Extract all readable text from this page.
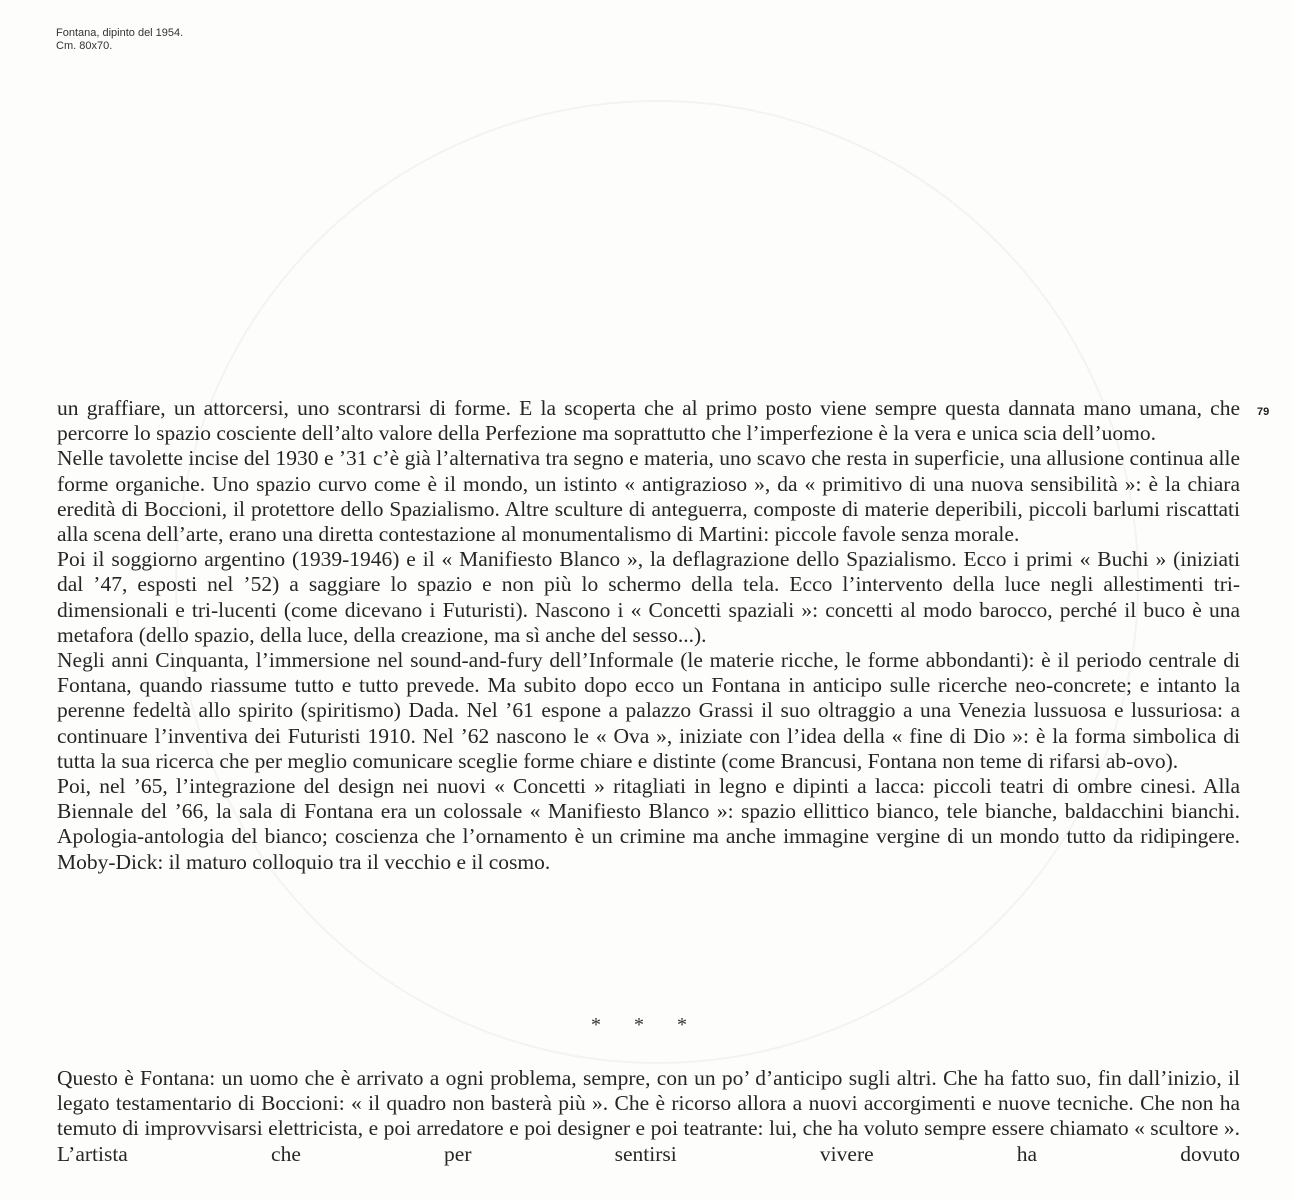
Fontana, dipinto del 1954.
Cm. 80x70.
79

un graffiare, un attorcersi, uno scontrarsi di forme. E la scoperta che al primo posto viene sempre questa dannata mano umana, che percorre lo spazio cosciente dell’alto valore della Perfezione ma soprattutto che l’imperfezione è la vera e unica scia dell’uomo.

Nelle tavolette incise del 1930 e ’31 c’è già l’alternativa tra segno e materia, uno scavo che resta in superficie, una allusione continua alle forme organiche. Uno spazio curvo come è il mondo, un istinto « antigrazioso », da « primitivo di una nuova sensibilità »: è la chiara eredità di Boccioni, il protettore dello Spazialismo. Altre sculture di anteguerra, composte di materie deperibili, piccoli barlumi riscattati alla scena dell’arte, erano una diretta contestazione al monumentalismo di Martini: piccole favole senza morale.

Poi il soggiorno argentino (1939-1946) e il « Manifiesto Blanco », la deflagrazione dello Spazialismo. Ecco i primi « Buchi » (iniziati dal ’47, esposti nel ’52) a saggiare lo spazio e non più lo schermo della tela. Ecco l’intervento della luce negli allestimenti tri-dimensionali e tri-lucenti (come dicevano i Futuristi). Nascono i « Concetti spaziali »: concetti al modo barocco, perché il buco è una metafora (dello spazio, della luce, della creazione, ma sì anche del sesso...).

Negli anni Cinquanta, l’immersione nel sound-and-fury dell’Informale (le materie ricche, le forme abbondanti): è il periodo centrale di Fontana, quando riassume tutto e tutto prevede. Ma subito dopo ecco un Fontana in anticipo sulle ricerche neo-concrete; e intanto la perenne fedeltà allo spirito (spiritismo) Dada. Nel ’61 espone a palazzo Grassi il suo oltraggio a una Venezia lussuosa e lussuriosa: a continuare l’inventiva dei Futuristi 1910. Nel ’62 nascono le « Ova », iniziate con l’idea della « fine di Dio »: è la forma simbolica di tutta la sua ricerca che per meglio comunicare sceglie forme chiare e distinte (come Brancusi, Fontana non teme di rifarsi ab-ovo).

Poi, nel ’65, l’integrazione del design nei nuovi « Concetti » ritagliati in legno e dipinti a lacca: piccoli teatri di ombre cinesi. Alla Biennale del ’66, la sala di Fontana era un colossale « Manifiesto Blanco »: spazio ellittico bianco, tele bianche, baldacchini bianchi. Apologia-antologia del bianco; coscienza che l’ornamento è un crimine ma anche immagine vergine di un mondo tutto da ridipingere. Moby-Dick: il maturo colloquio tra il vecchio e il cosmo.

* * *

Questo è Fontana: un uomo che è arrivato a ogni problema, sempre, con un po’ d’anticipo sugli altri. Che ha fatto suo, fin dall’inizio, il legato testamentario di Boccioni: « il quadro non basterà più ». Che è ricorso allora a nuovi accorgimenti e nuove tecniche. Che non ha temuto di improvvisarsi elettricista, e poi arredatore e poi designer e poi teatrante: lui, che ha voluto sempre essere chiamato « scultore ». L’artista che per sentirsi vivere ha dovuto
